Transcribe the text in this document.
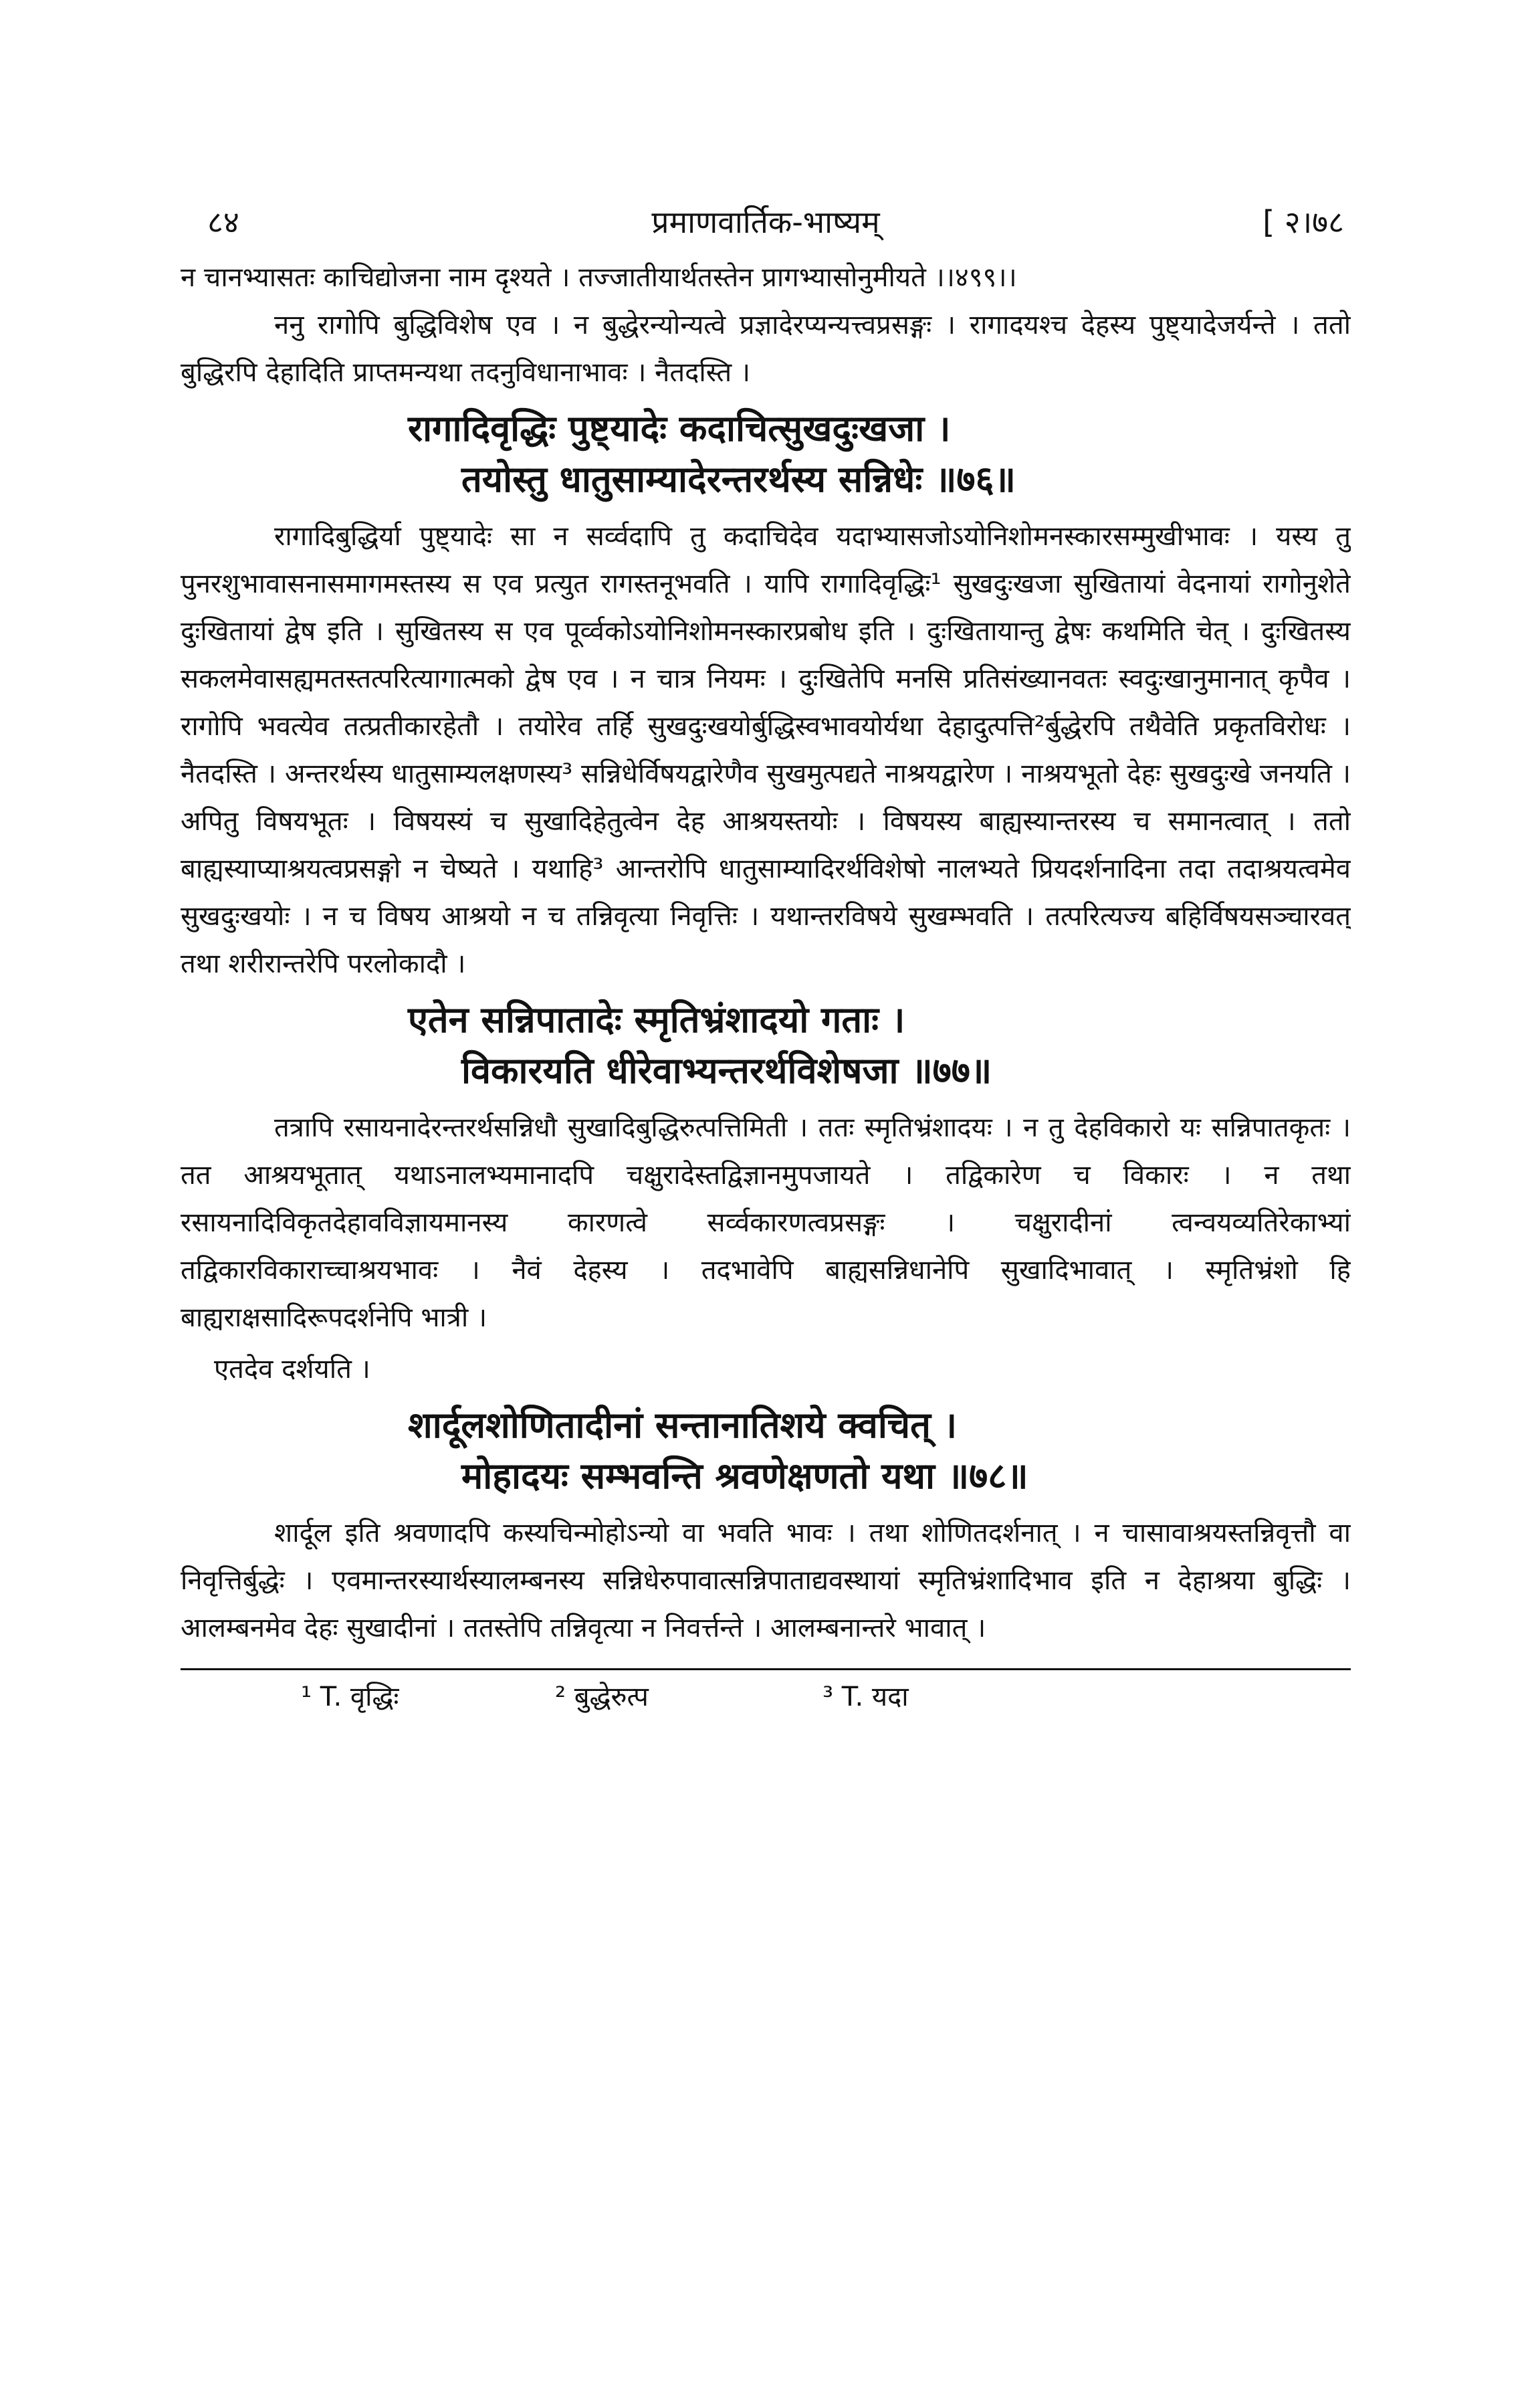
८४	प्रमाणवार्तिक-भाष्यम्	[ २।७८

न चानभ्यासतः काचिद्योजना नाम दृश्यते । तज्जातीयार्थतस्तेन प्रागभ्यासोनुमीयते ।।४९९।।

ननु रागोपि बुद्धिविशेष एव । न बुद्धेरन्योन्यत्वे प्रज्ञादेरप्यन्यत्त्वप्रसङ्गः । रागादयश्च देहस्य पुष्ट्यादेजर्यन्ते । ततो बुद्धिरपि देहादिति प्राप्तमन्यथा तदनुविधानाभावः । नैतदस्ति ।

रागादिवृद्धिः पुष्ट्यादेः कदाचित्सुखदुःखजा ।
तयोस्तु धातुसाम्यादेरन्तरर्थस्य सन्निधेः ॥७६॥

रागादिबुद्धिर्या पुष्ट्यादेः सा न सर्व्वदापि तु कदाचिदेव यदाभ्यासजोऽयोनिशोमनस्कारसम्मुखीभावः । यस्य तु पुनरशुभावासनासमागमस्तस्य स एव प्रत्युत रागस्तनूभवति । यापि रागादिवृद्धिः¹ सुखदुःखजा सुखितायां वेदनायां रागोनुशेते दुःखितायां द्वेष इति । सुखितस्य स एव पूर्व्वकोऽयोनिशोमनस्कारप्रबोध इति । दुःखितायान्तु द्वेषः कथमिति चेत् । दुःखितस्य सकलमेवासह्यमतस्तत्परित्यागात्मको द्वेष एव । न चात्र नियमः । दुःखितेपि मनसि प्रतिसंख्यानवतः स्वदुःखानुमानात् कृपैव । रागोपि भवत्येव तत्प्रतीकारहेतौ । तयोरेव तर्हि सुखदुःखयोर्बुद्धिस्वभावयोर्यथा देहादुत्पत्ति²र्बुद्धेरपि तथैवेति प्रकृतविरोधः । नैतदस्ति । अन्तरर्थस्य धातुसाम्यलक्षणस्य³ सन्निधेर्विषयद्वारेणैव सुखमुत्पद्यते नाश्रयद्वारेण । नाश्रयभूतो देहः सुखदुःखे जनयति । अपितु विषयभूतः । विषयस्यं च सुखादिहेतुत्वेन देह आश्रयस्तयोः । विषयस्य बाह्यस्यान्तरस्य च समानत्वात् । ततो बाह्यस्याप्याश्रयत्वप्रसङ्गो न चेष्यते । यथाहि³ आन्तरोपि धातुसाम्यादिरर्थविशेषो नालभ्यते प्रियदर्शनादिना तदा तदाश्रयत्वमेव सुखदुःखयोः । न च विषय आश्रयो न च तन्निवृत्या निवृत्तिः । यथान्तरविषये सुखम्भवति । तत्परित्यज्य बहिर्विषयसञ्चारवत् तथा शरीरान्तरेपि परलोकादौ ।

एतेन सन्निपातादेः स्मृतिभ्रंशादयो गताः ।
विकारयति धीरेवाभ्यन्तरर्थविशेषजा ॥७७॥

तत्रापि रसायनादेरन्तरर्थसन्निधौ सुखादिबुद्धिरुत्पत्तिमिती । ततः स्मृतिभ्रंशादयः । न तु देहविकारो यः सन्निपातकृतः । तत आश्रयभूतात् यथाऽनालभ्यमानादपि चक्षुरादेस्तद्विज्ञानमुपजायते । तद्विकारेण च विकारः । न तथा रसायनादिविकृतदेहावविज्ञायमानस्य कारणत्वे सर्व्वकारणत्वप्रसङ्गः । चक्षुरादीनां त्वन्वयव्यतिरेकाभ्यां तद्विकारविकाराच्चाश्रयभावः । नैवं देहस्य । तदभावेपि बाह्यसन्निधानेपि सुखादिभावात् । स्मृतिभ्रंशो हि बाह्यराक्षसादिरूपदर्शनेपि भात्री ।

एतदेव दर्शयति ।

शार्दूलशोणितादीनां सन्तानातिशये क्वचित् ।
मोहादयः सम्भवन्ति श्रवणेक्षणतो यथा ॥७८॥

शार्दूल इति श्रवणादपि कस्यचिन्मोहोऽन्यो वा भवति भावः । तथा शोणितदर्शनात् । न चासावाश्रयस्तन्निवृत्तौ वा निवृत्तिर्बुद्धेः । एवमान्तरस्यार्थस्यालम्बनस्य सन्निधेरुपावात्सन्निपाताद्यवस्थायां स्मृतिभ्रंशादिभाव इति न देहाश्रया बुद्धिः । आलम्बनमेव देहः सुखादीनां । ततस्तेपि तन्निवृत्या न निवर्त्तन्ते । आलम्बनान्तरे भावात् ।

¹ T. वृद्धिः	² बुद्धेरुत्प	³ T. यदा
